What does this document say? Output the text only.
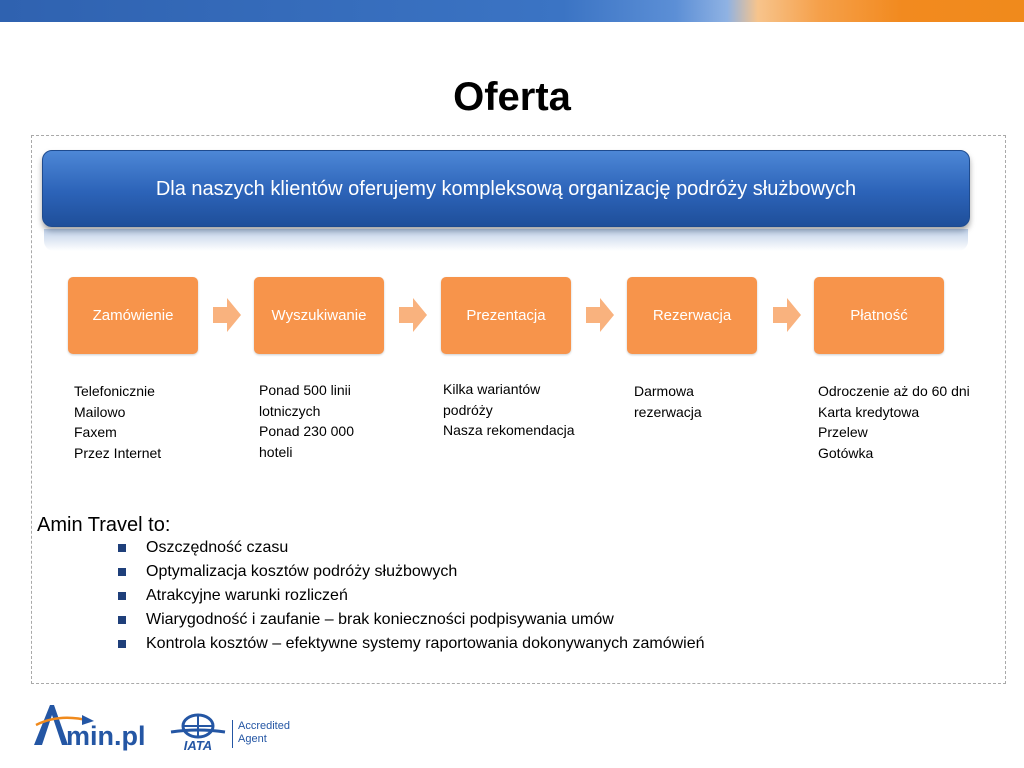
Oferta
Dla naszych klientów oferujemy kompleksową organizację podróży służbowych
Zamówienie	Wyszukiwanie	Prezentacja	Rezerwacja	Płatność
Telefonicznie
Mailowo
Faxem
Przez Internet
Ponad 500 linii
lotniczych
Ponad 230 000
hoteli
Kilka wariantów
podróży
Nasza rekomendacja
Darmowa
rezerwacja
Odroczenie aż do 60 dni
Karta kredytowa
Przelew
Gotówka
Amin Travel to:
Oszczędność czasu
Optymalizacja kosztów podróży służbowych
Atrakcyjne warunki rozliczeń
Wiarygodność i zaufanie – brak konieczności podpisywania umów
Kontrola kosztów – efektywne systemy raportowania dokonywanych zamówień
min.pl	IATA
Accredited
Agent
